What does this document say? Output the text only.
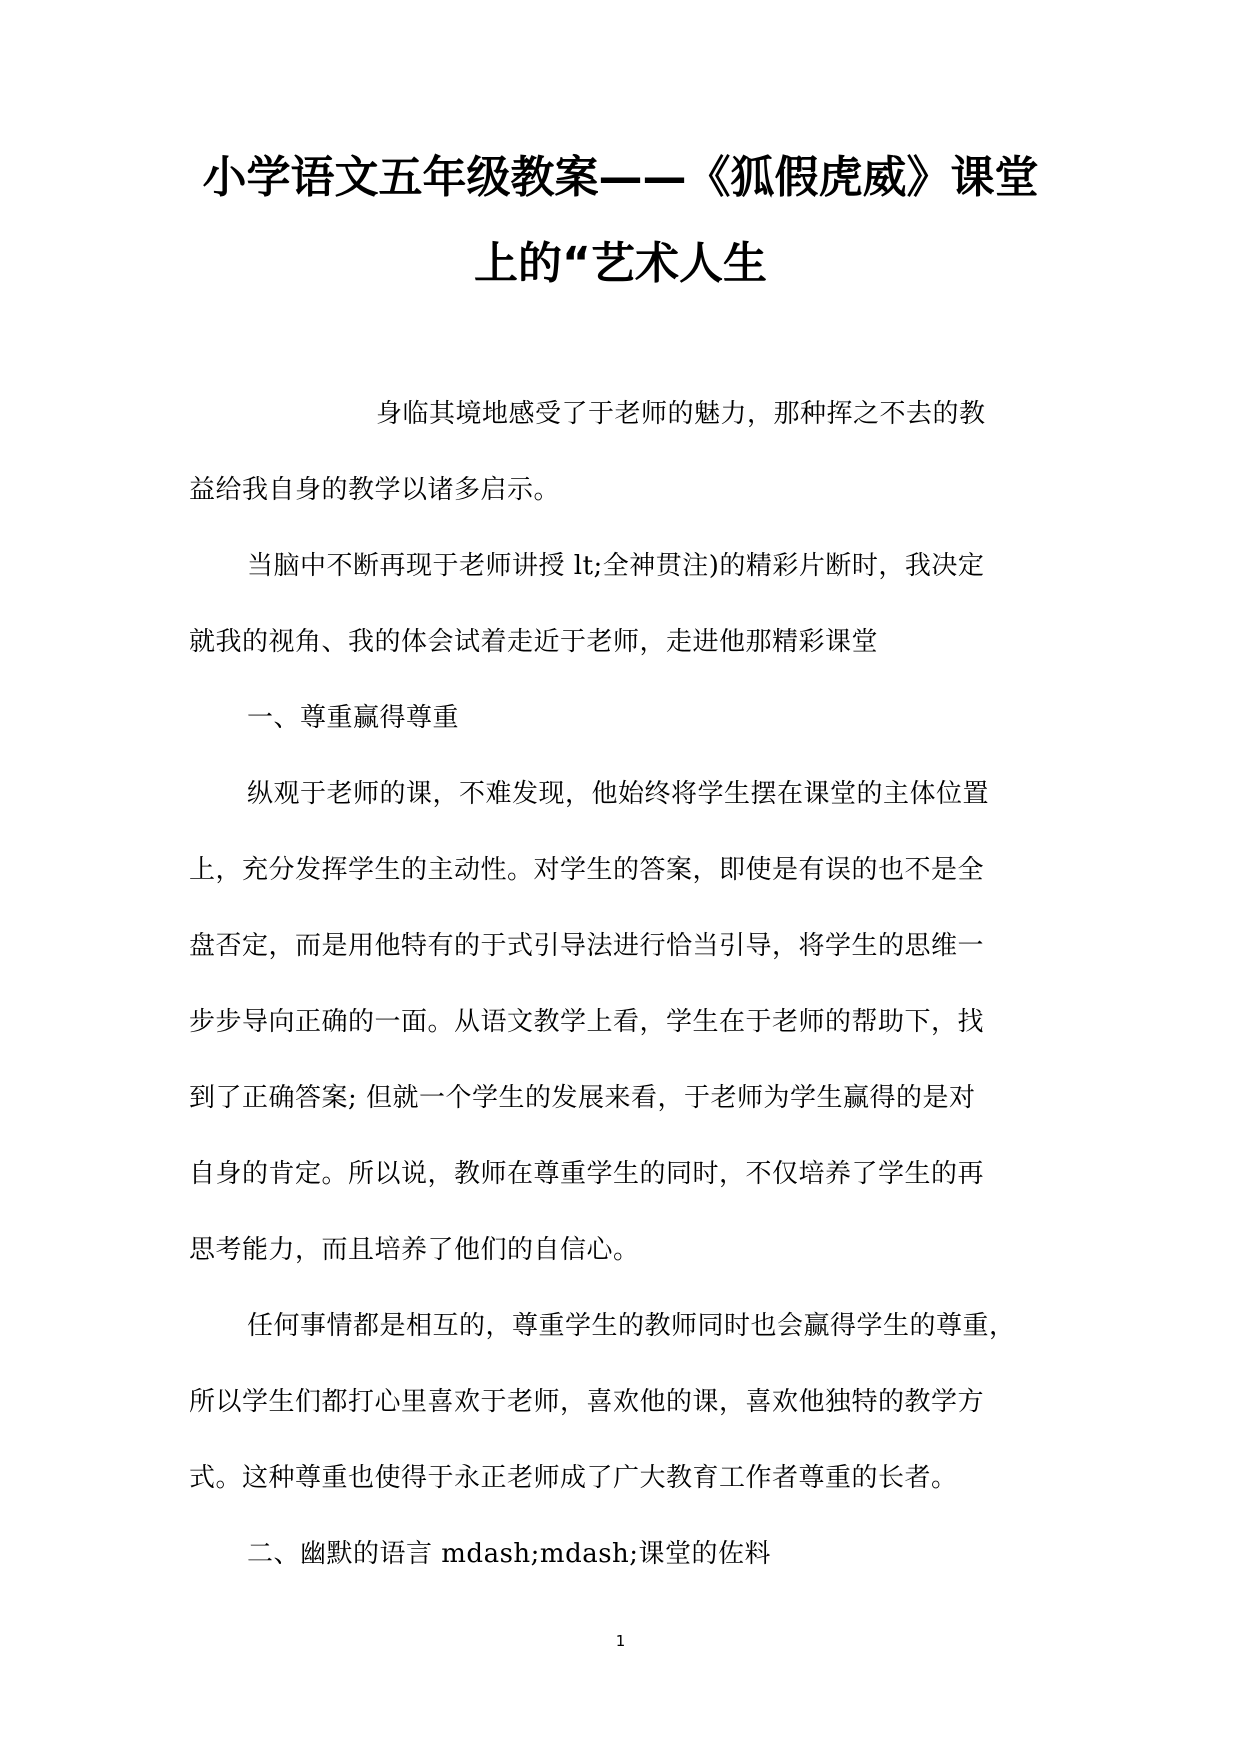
小学语文五年级教案——《狐假虎威》课堂
上的“艺术人生
身临其境地感受了于老师的魅力，那种挥之不去的教
益给我自身的教学以诸多启示。
当脑中不断再现于老师讲授 lt;全神贯注)的精彩片断时，我决定
就我的视角、我的体会试着走近于老师，走进他那精彩课堂
一、尊重赢得尊重
纵观于老师的课，不难发现，他始终将学生摆在课堂的主体位置
上，充分发挥学生的主动性。对学生的答案，即使是有误的也不是全
盘否定，而是用他特有的于式引导法进行恰当引导，将学生的思维一
步步导向正确的一面。从语文教学上看，学生在于老师的帮助下，找
到了正确答案; 但就一个学生的发展来看，于老师为学生赢得的是对
自身的肯定。所以说，教师在尊重学生的同时，不仅培养了学生的再
思考能力，而且培养了他们的自信心。
任何事情都是相互的，尊重学生的教师同时也会赢得学生的尊重，
所以学生们都打心里喜欢于老师，喜欢他的课，喜欢他独特的教学方
式。这种尊重也使得于永正老师成了广大教育工作者尊重的长者。
二、幽默的语言 mdash;mdash;课堂的佐料
1
